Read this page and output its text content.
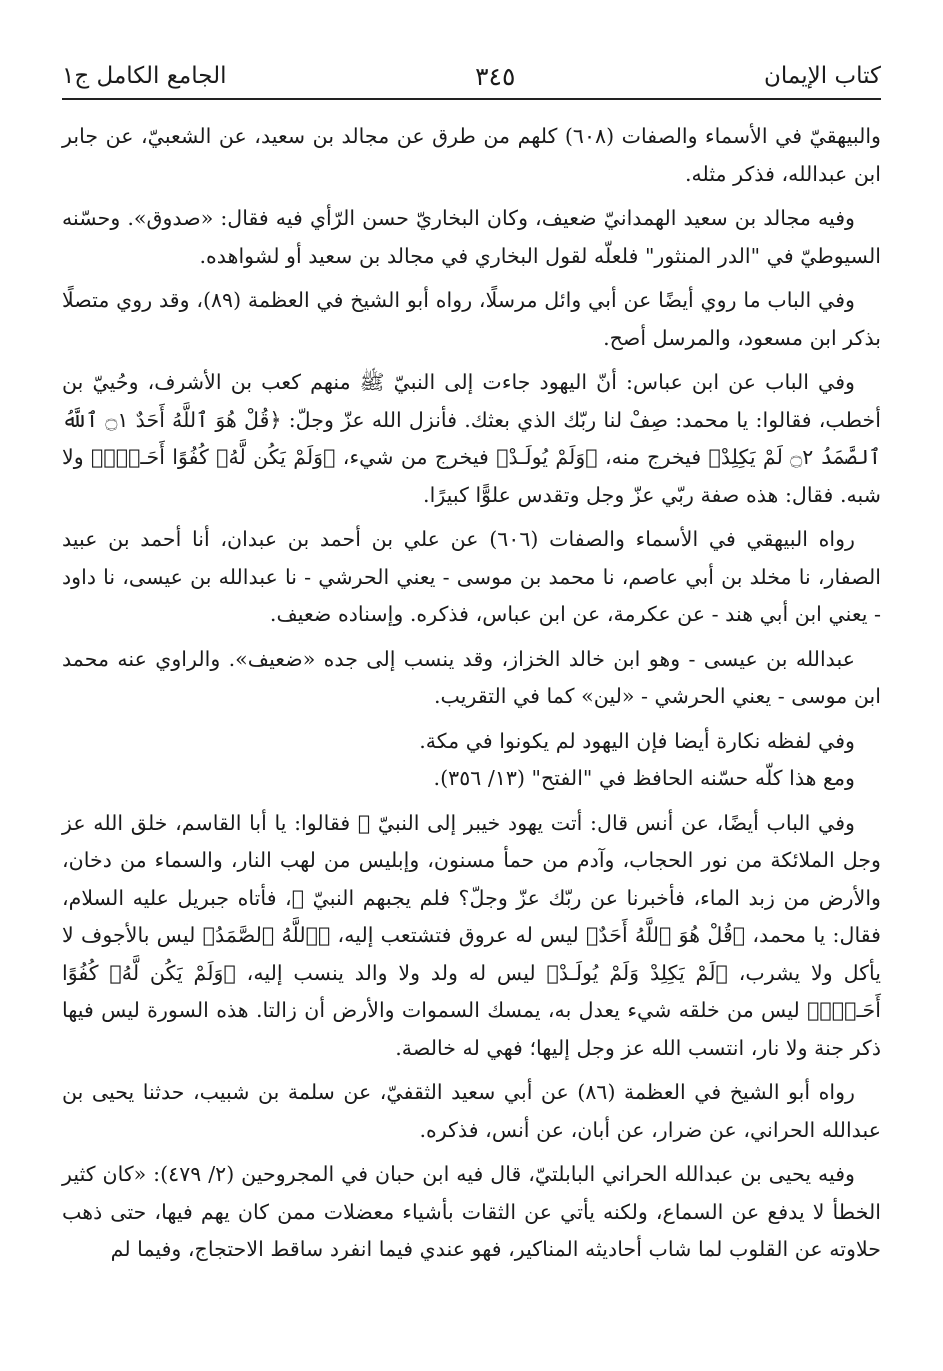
كتاب الإيمان
٣٤٥
الجامع الكامل ج١

والبيهقيّ في الأسماء والصفات (٦٠٨) كلهم من طرق عن مجالد بن سعيد، عن الشعبيّ، عن جابر ابن عبدالله، فذكر مثله.

وفيه مجالد بن سعيد الهمدانيّ ضعيف، وكان البخاريّ حسن الرّأي فيه فقال: «صدوق». وحسّنه السيوطيّ في "الدر المنثور" فلعلّه لقول البخاري في مجالد بن سعيد أو لشواهده.

وفي الباب ما روي أيضًا عن أبي وائل مرسلًا، رواه أبو الشيخ في العظمة (٨٩)، وقد روي متصلًا بذكر ابن مسعود، والمرسل أصح.

وفي الباب عن ابن عباس: أنّ اليهود جاءت إلى النبيّ ﷺ منهم كعب بن الأشرف، وحُييّ بن أخطب، فقالوا: يا محمد: صِفْ لنا ربّك الذي بعثك. فأنزل الله عزّ وجلّ: ﴿قُلْ هُوَ ٱللَّهُ أَحَدٌ ۝١ ٱللَّهُ ٱلصَّمَدُ ۝٢ لَمْ يَكِلِدْ﴾ فيخرج منه، ﴿وَلَمْ يُولَـدْ﴾ فيخرج من شيء، ﴿وَلَمْ يَكُن لَّهُۥ كُفُوًا أَحَـدٌۢ﴾ ولا شبه. فقال: هذه صفة ربّي عزّ وجل وتقدس علوًّا كبيرًا.

رواه البيهقي في الأسماء والصفات (٦٠٦) عن علي بن أحمد بن عبدان، أنا أحمد بن عبيد الصفار، نا مخلد بن أبي عاصم، نا محمد بن موسى - يعني الحرشي - نا عبدالله بن عيسى، نا داود - يعني ابن أبي هند - عن عكرمة، عن ابن عباس، فذكره. وإسناده ضعيف.

عبدالله بن عيسى - وهو ابن خالد الخزاز، وقد ينسب إلى جده «ضعيف». والراوي عنه محمد ابن موسى - يعني الحرشي - «لين» كما في التقريب.

وفي لفظه نكارة أيضا فإن اليهود لم يكونوا في مكة.

ومع هذا كلّه حسّنه الحافظ في "الفتح" (١٣/ ٣٥٦).

وفي الباب أيضًا، عن أنس قال: أتت يهود خيبر إلى النبيّ ﷺ فقالوا: يا أبا القاسم، خلق الله عز وجل الملائكة من نور الحجاب، وآدم من حمأ مسنون، وإبليس من لهب النار، والسماء من دخان، والأرض من زبد الماء، فأخبرنا عن ربّك عزّ وجلّ؟ فلم يجبهم النبيّ ﷺ، فأتاه جبريل عليه السلام، فقال: يا محمد، ﴿قُلْ هُوَ ٱللَّهُ أَحَدٌ﴾ ليس له عروق فتشتعب إليه، ﴿ٱللَّهُ ٱلصَّمَدُ﴾ ليس بالأجوف لا يأكل ولا يشرب، ﴿لَمْ يَكِلِدْ وَلَمْ يُولَـدْ﴾ ليس له ولد ولا والد ينسب إليه، ﴿وَلَمْ يَكُن لَّهُۥ كُفُوًا أَحَـدٌۢ﴾ ليس من خلقه شيء يعدل به، يمسك السموات والأرض أن زالتا. هذه السورة ليس فيها ذكر جنة ولا نار، انتسب الله عز وجل إليها؛ فهي له خالصة.

رواه أبو الشيخ في العظمة (٨٦) عن أبي سعيد الثقفيّ، عن سلمة بن شبيب، حدثنا يحيى بن عبدالله الحراني، عن ضرار، عن أبان، عن أنس، فذكره.

وفيه يحيى بن عبدالله الحراني البابلتيّ، قال فيه ابن حبان في المجروحين (٢/ ٤٧٩): «كان كثير الخطأ لا يدفع عن السماع، ولكنه يأتي عن الثقات بأشياء معضلات ممن كان يهم فيها، حتى ذهب حلاوته عن القلوب لما شاب أحاديثه المناكير، فهو عندي فيما انفرد ساقط الاحتجاج، وفيما لم
